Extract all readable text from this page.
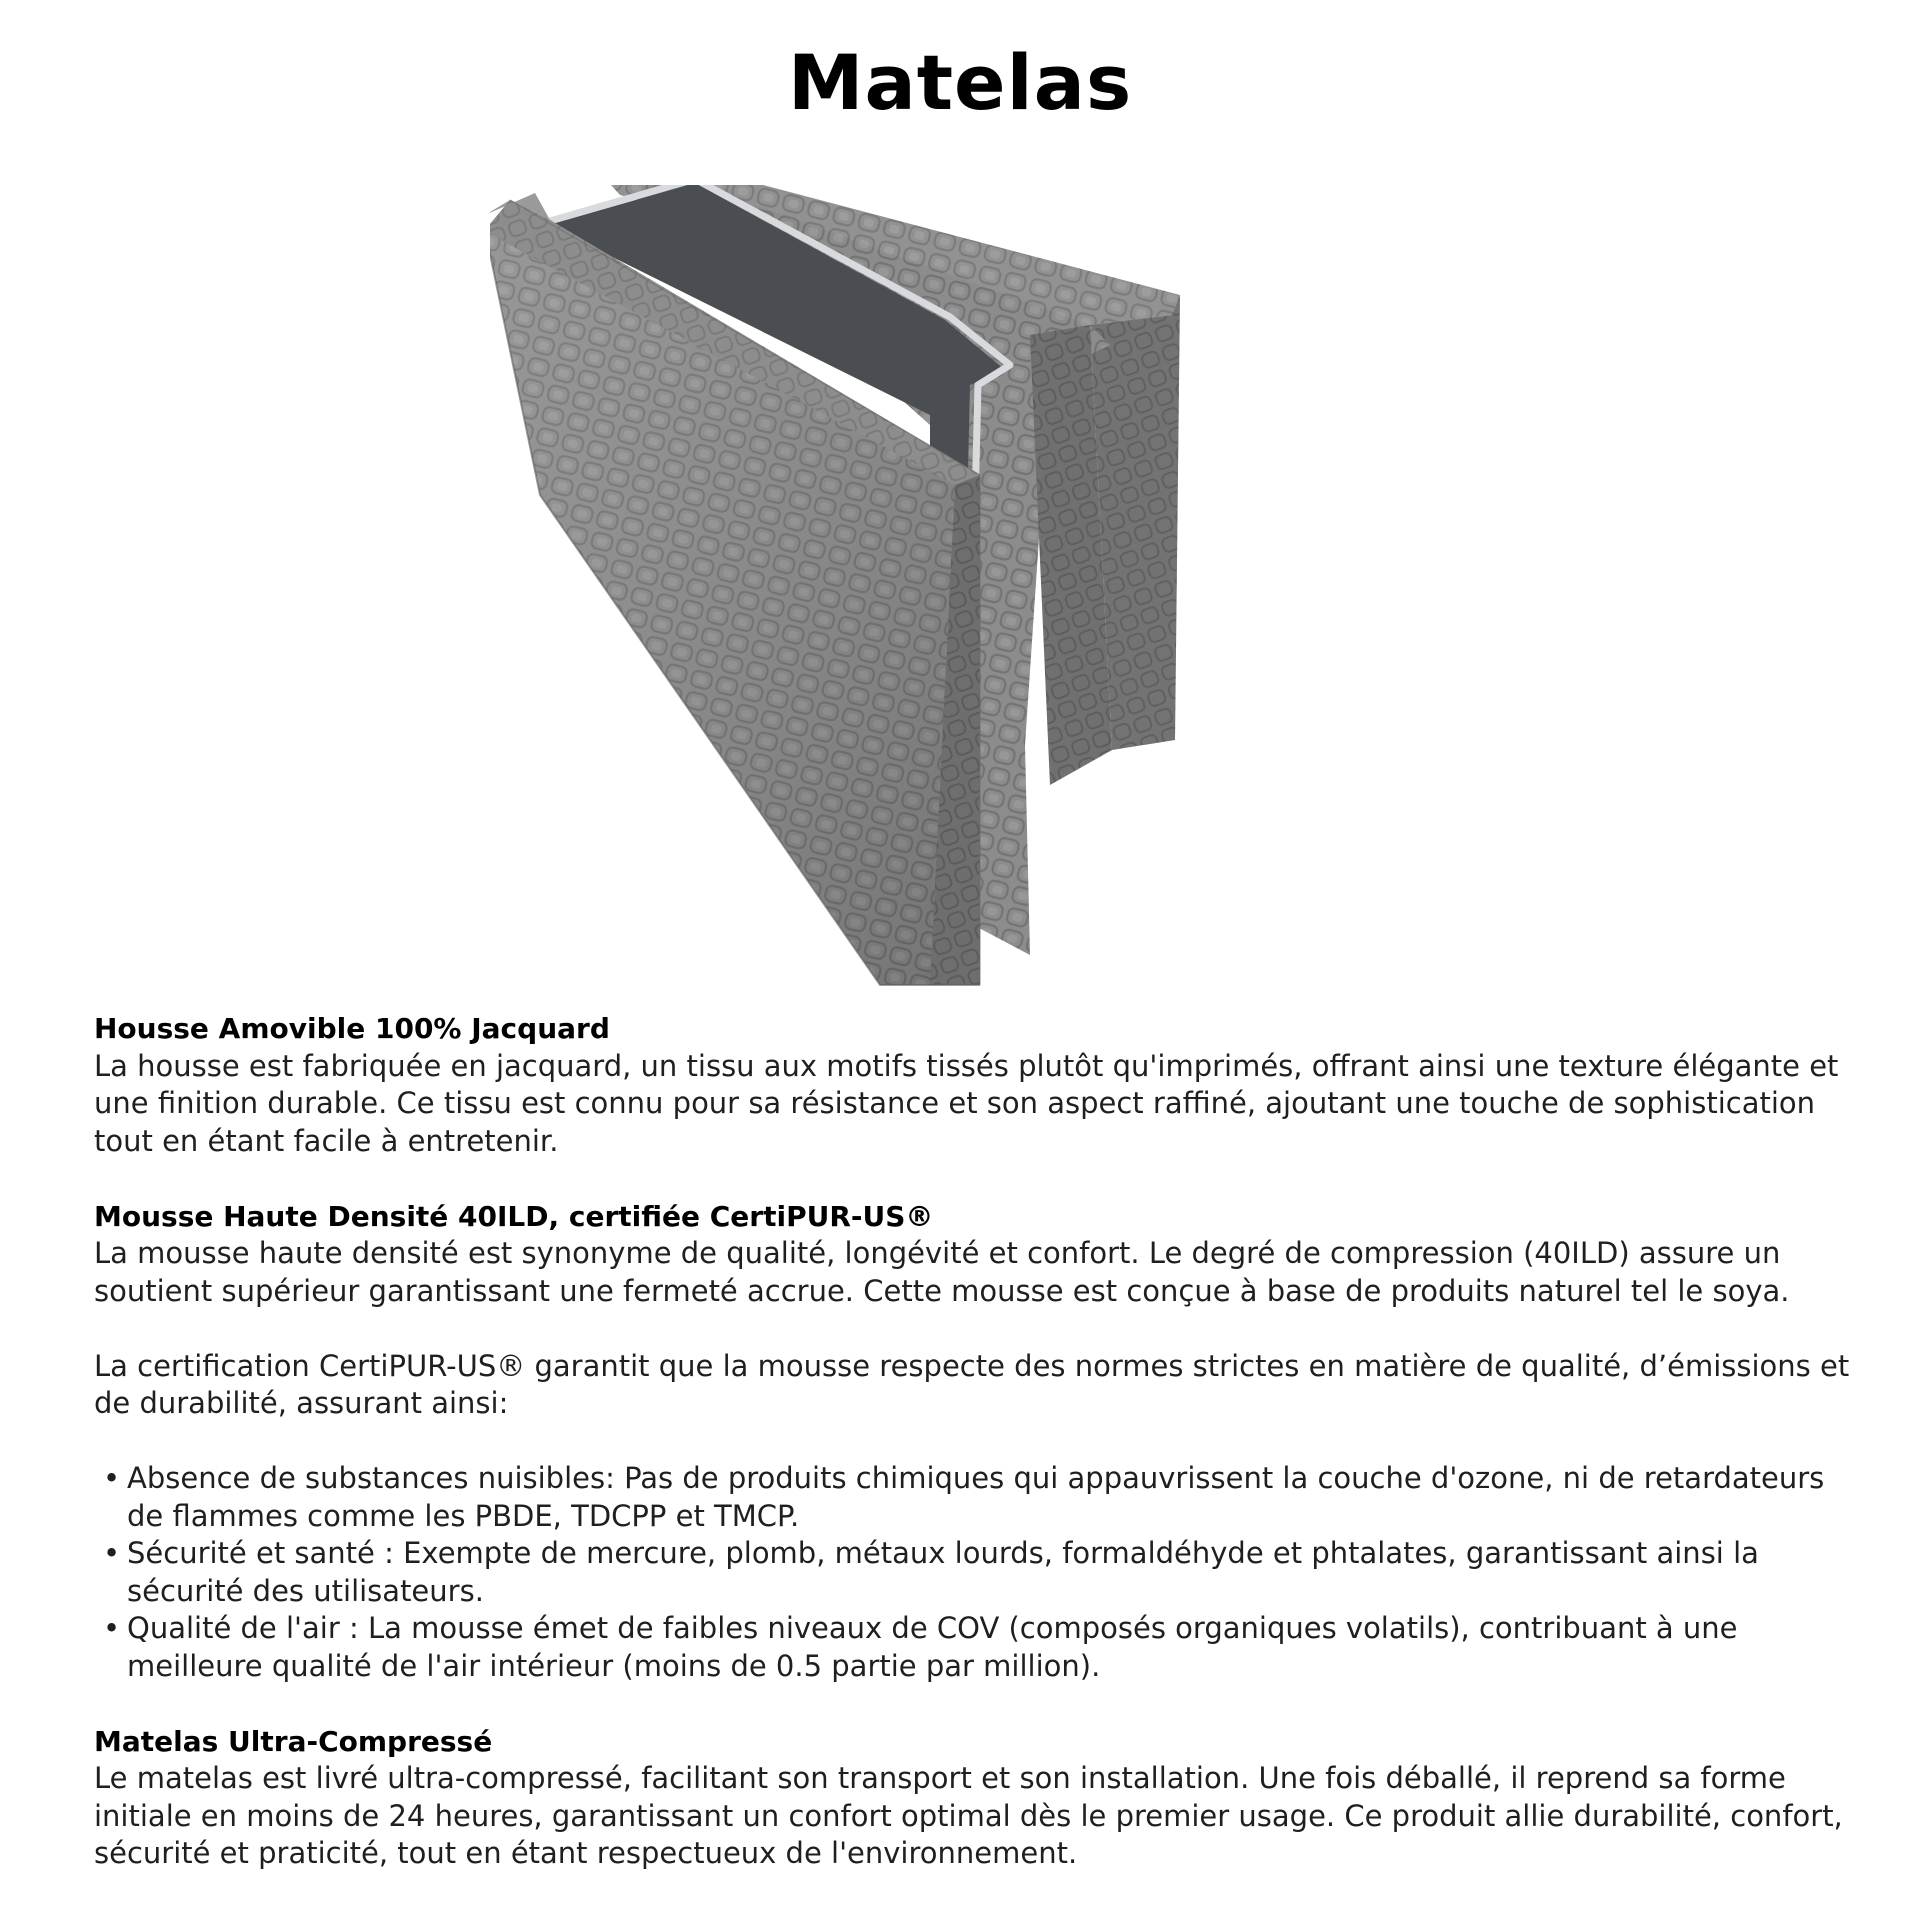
Matelas

Housse Amovible 100% Jacquard

La housse est fabriquée en jacquard, un tissu aux motifs tissés plutôt qu'imprimés, offrant ainsi une texture élégante et une finition durable. Ce tissu est connu pour sa résistance et son aspect raffiné, ajoutant une touche de sophistication tout en étant facile à entretenir.

Mousse Haute Densité 40ILD, certifiée CertiPUR-US®

La mousse haute densité est synonyme de qualité, longévité et confort. Le degré de compression (40ILD) assure un soutient supérieur garantissant une fermeté accrue. Cette mousse est conçue à base de produits naturel tel le soya.

La certification CertiPUR-US® garantit que la mousse respecte des normes strictes en matière de qualité, d’émissions et de durabilité, assurant ainsi:

• Absence de substances nuisibles: Pas de produits chimiques qui appauvrissent la couche d'ozone, ni de retardateurs de flammes comme les PBDE, TDCPP et TMCP.
• Sécurité et santé : Exempte de mercure, plomb, métaux lourds, formaldéhyde et phtalates, garantissant ainsi la sécurité des utilisateurs.
• Qualité de l'air : La mousse émet de faibles niveaux de COV (composés organiques volatils), contribuant à une meilleure qualité de l'air intérieur (moins de 0.5 partie par million).

Matelas Ultra-Compressé

Le matelas est livré ultra-compressé, facilitant son transport et son installation. Une fois déballé, il reprend sa forme initiale en moins de 24 heures, garantissant un confort optimal dès le premier usage. Ce produit allie durabilité, confort, sécurité et praticité, tout en étant respectueux de l'environnement.
